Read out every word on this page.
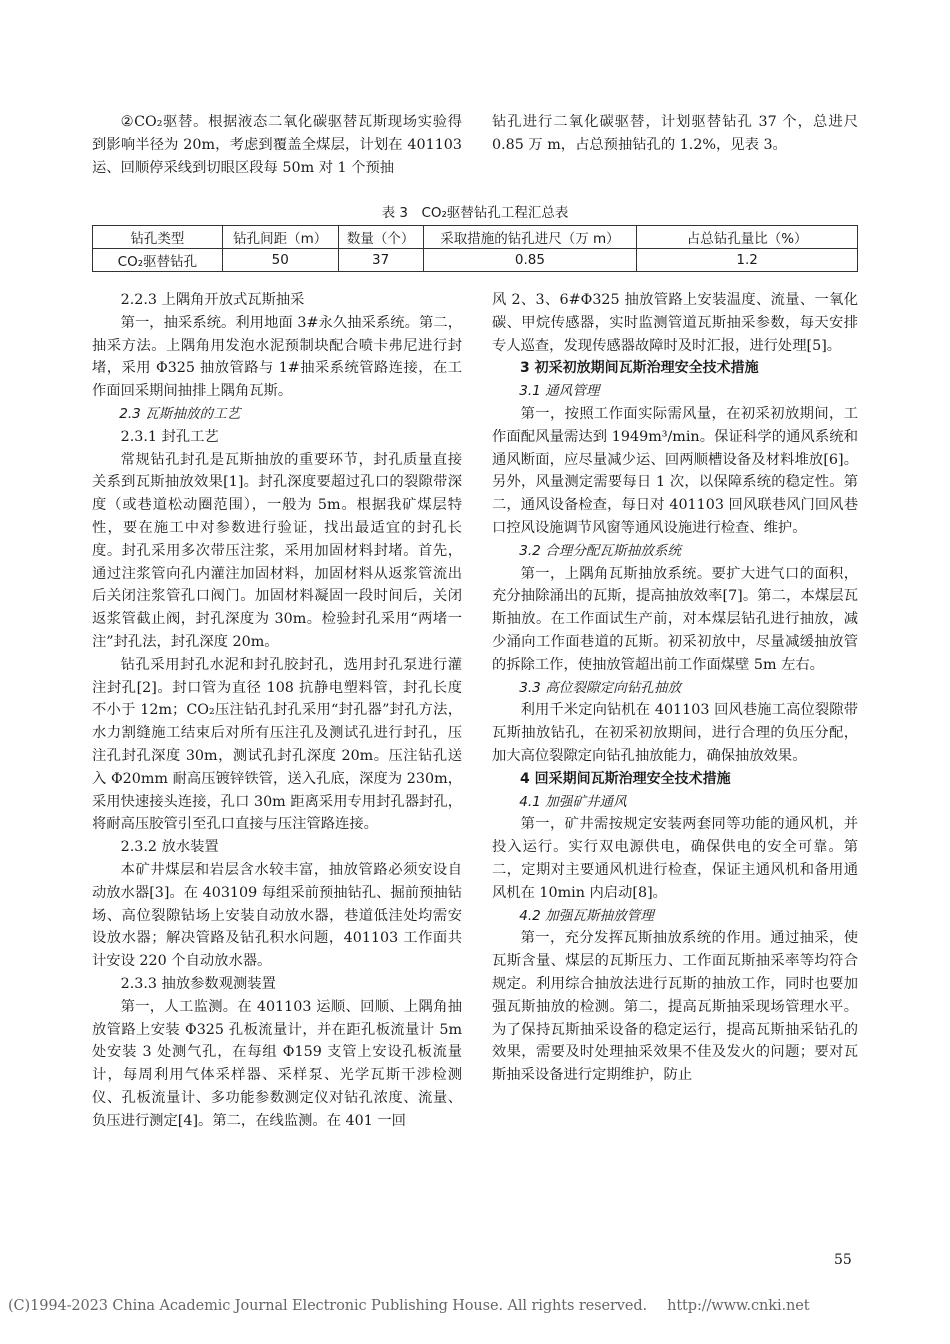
②CO₂驱替。根据液态二氧化碳驱替瓦斯现场实验得到影响半径为 20m，考虑到覆盖全煤层，计划在 401103 运、回顺停采线到切眼区段每 50m 对 1 个预抽

钻孔进行二氧化碳驱替，计划驱替钻孔 37 个，总进尺 0.85 万 m，占总预抽钻孔的 1.2%，见表 3。

表 3　CO₂驱替钻孔工程汇总表
钻孔类型	钻孔间距（m）	数量（个）	采取措施的钻孔进尺（万 m）	占总钻孔量比（%）
CO₂驱替钻孔	50	37	0.85	1.2

2.2.3 上隅角开放式瓦斯抽采

第一，抽采系统。利用地面 3#永久抽采系统。第二，抽采方法。上隅角用发泡水泥预制块配合喷卡弗尼进行封堵，采用 Φ325 抽放管路与 1#抽采系统管路连接，在工作面回采期间抽排上隅角瓦斯。

2.3 瓦斯抽放的工艺

2.3.1 封孔工艺

常规钻孔封孔是瓦斯抽放的重要环节，封孔质量直接关系到瓦斯抽放效果[1]。封孔深度要超过孔口的裂隙带深度（或巷道松动圈范围），一般为 5m。根据我矿煤层特性，要在施工中对参数进行验证，找出最适宜的封孔长度。封孔采用多次带压注浆，采用加固材料封堵。首先，通过注浆管向孔内灌注加固材料，加固材料从返浆管流出后关闭注浆管孔口阀门。加固材料凝固一段时间后，关闭返浆管截止阀，封孔深度为 30m。检验封孔采用“两堵一注”封孔法，封孔深度 20m。

钻孔采用封孔水泥和封孔胶封孔，选用封孔泵进行灌注封孔[2]。封口管为直径 108 抗静电塑料管，封孔长度不小于 12m；CO₂压注钻孔封孔采用“封孔器”封孔方法，水力割缝施工结束后对所有压注孔及测试孔进行封孔，压注孔封孔深度 30m，测试孔封孔深度 20m。压注钻孔送入 Φ20mm 耐高压镀锌铁管，送入孔底，深度为 230m，采用快速接头连接，孔口 30m 距离采用专用封孔器封孔，将耐高压胶管引至孔口直接与压注管路连接。

2.3.2 放水装置

本矿井煤层和岩层含水较丰富，抽放管路必须安设自动放水器[3]。在 403109 每组采前预抽钻孔、掘前预抽钻场、高位裂隙钻场上安装自动放水器，巷道低洼处均需安设放水器；解决管路及钻孔积水问题，401103 工作面共计安设 220 个自动放水器。

2.3.3 抽放参数观测装置

第一，人工监测。在 401103 运顺、回顺、上隅角抽放管路上安装 Φ325 孔板流量计，并在距孔板流量计 5m 处安装 3 处测气孔，在每组 Φ159 支管上安设孔板流量计，每周利用气体采样器、采样泵、光学瓦斯干涉检测仪、孔板流量计、多功能参数测定仪对钻孔浓度、流量、负压进行测定[4]。第二，在线监测。在 401 一回

风 2、3、6#Φ325 抽放管路上安装温度、流量、一氧化碳、甲烷传感器，实时监测管道瓦斯抽采参数，每天安排专人巡查，发现传感器故障时及时汇报，进行处理[5]。

3 初采初放期间瓦斯治理安全技术措施

3.1 通风管理

第一，按照工作面实际需风量，在初采初放期间，工作面配风量需达到 1949m³/min。保证科学的通风系统和通风断面，应尽量减少运、回两顺槽设备及材料堆放[6]。另外，风量测定需要每日 1 次，以保障系统的稳定性。第二，通风设备检查，每日对 401103 回风联巷风门回风巷口控风设施调节风窗等通风设施进行检查、维护。

3.2 合理分配瓦斯抽放系统

第一，上隅角瓦斯抽放系统。要扩大进气口的面积，充分抽除涌出的瓦斯，提高抽放效率[7]。第二，本煤层瓦斯抽放。在工作面试生产前，对本煤层钻孔进行抽放，减少涌向工作面巷道的瓦斯。初采初放中，尽量减缓抽放管的拆除工作，使抽放管超出前工作面煤壁 5m 左右。

3.3 高位裂隙定向钻孔抽放

利用千米定向钻机在 401103 回风巷施工高位裂隙带瓦斯抽放钻孔，在初采初放期间，进行合理的负压分配，加大高位裂隙定向钻孔抽放能力，确保抽放效果。

4 回采期间瓦斯治理安全技术措施

4.1 加强矿井通风

第一，矿井需按规定安装两套同等功能的通风机，并投入运行。实行双电源供电，确保供电的安全可靠。第二，定期对主要通风机进行检查，保证主通风机和备用通风机在 10min 内启动[8]。

4.2 加强瓦斯抽放管理

第一，充分发挥瓦斯抽放系统的作用。通过抽采，使瓦斯含量、煤层的瓦斯压力、工作面瓦斯抽采率等均符合规定。利用综合抽放法进行瓦斯的抽放工作，同时也要加强瓦斯抽放的检测。第二，提高瓦斯抽采现场管理水平。为了保持瓦斯抽采设备的稳定运行，提高瓦斯抽采钻孔的效果，需要及时处理抽采效果不佳及发火的问题；要对瓦斯抽采设备进行定期维护，防止

55
(C)1994-2023 China Academic Journal Electronic Publishing House. All rights reserved. http://www.cnki.net
